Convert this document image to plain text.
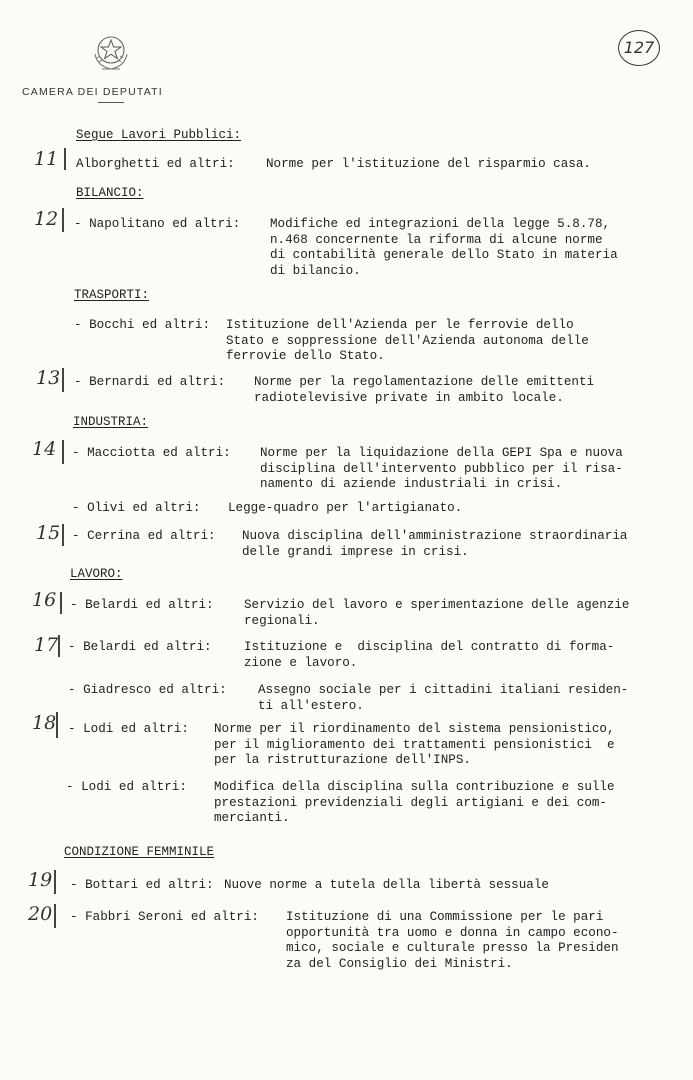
CAMERA DEI DEPUTATI
127
Segue Lavori Pubblici:
11 Alborghetti ed altri: Norme per l'istituzione del risparmio casa.
BILANCIO:
12 - Napolitano ed altri: Modifiche ed integrazioni della legge 5.8.78,
n.468 concernente la riforma di alcune norme
di contabilità generale dello Stato in materia
di bilancio.
TRASPORTI:
- Bocchi ed altri: Istituzione dell'Azienda per le ferrovie dello
Stato e soppressione dell'Azienda autonoma delle
ferrovie dello Stato.
13 - Bernardi ed altri: Norme per la regolamentazione delle emittenti
radiotelevisive private in ambito locale.
INDUSTRIA:
14 - Macciotta ed altri: Norme per la liquidazione della GEPI Spa e nuova
disciplina dell'intervento pubblico per il risa-
namento di aziende industriali in crisi.
- Olivi ed altri: Legge-quadro per l'artigianato.
15 - Cerrina ed altri: Nuova disciplina dell'amministrazione straordinaria
delle grandi imprese in crisi.
LAVORO:
16 - Belardi ed altri: Servizio del lavoro e sperimentazione delle agenzie
regionali.
17 - Belardi ed altri:	Istituzione e  disciplina del contratto di forma-
zione e lavoro.
- Giadresco ed altri: Assegno sociale per i cittadini italiani residen-
ti all'estero.
18 - Lodi ed altri: Norme per il riordinamento del sistema pensionistico,
per il miglioramento dei trattamenti pensionistici  e
per la ristrutturazione dell'INPS.
- Lodi ed altri: Modifica della disciplina sulla contribuzione e sulle
prestazioni previdenziali degli artigiani e dei com-
mercianti.
CONDIZIONE FEMMINILE
19 - Bottari ed altri: Nuove norme a tutela della libertà sessuale
20 - Fabbri Seroni ed altri: Istituzione di una Commissione per le pari
opportunità tra uomo e donna in campo econo-
mico, sociale e culturale presso la Presiden
za del Consiglio dei Ministri.
